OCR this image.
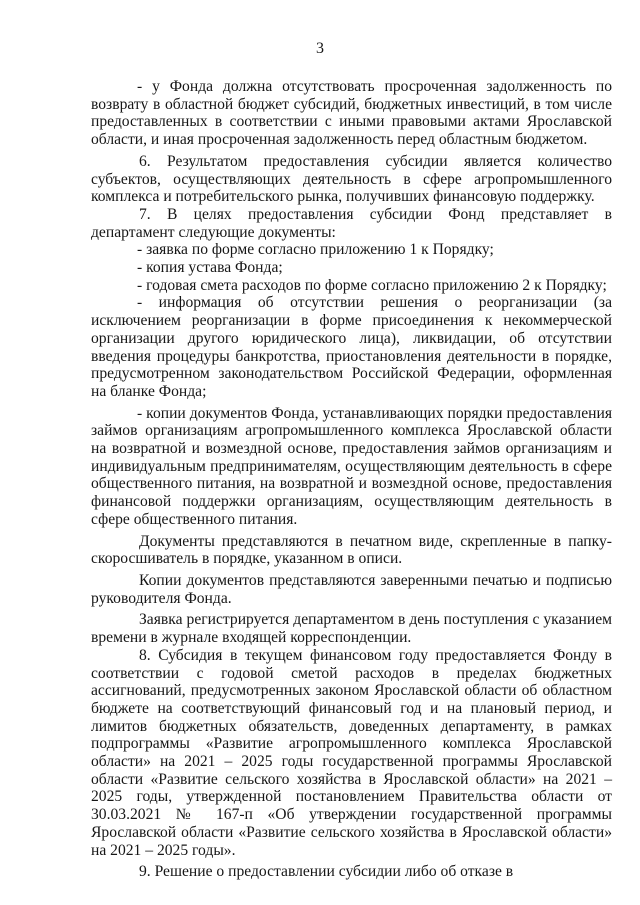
3

- у Фонда должна отсутствовать просроченная задолженность по возврату в областной бюджет субсидий, бюджетных инвестиций, в том числе предоставленных в соответствии с иными правовыми актами Ярославской области, и иная просроченная задолженность перед областным бюджетом.

6. Результатом предоставления субсидии является количество субъектов, осуществляющих деятельность в сфере агропромышленного комплекса и потребительского рынка, получивших финансовую поддержку.

7. В целях предоставления субсидии Фонд представляет в департамент следующие документы:

- заявка по форме согласно приложению 1 к Порядку;

- копия устава Фонда;

- годовая смета расходов по форме согласно приложению 2 к Порядку;

- информация об отсутствии решения о реорганизации (за исключением реорганизации в форме присоединения к некоммерческой организации другого юридического лица), ликвидации, об отсутствии введения процедуры банкротства, приостановления деятельности в порядке, предусмотренном законодательством Российской Федерации, оформленная на бланке Фонда;

- копии документов Фонда, устанавливающих порядки предоставления займов организациям агропромышленного комплекса Ярославской области на возвратной и возмездной основе, предоставления займов организациям и индивидуальным предпринимателям, осуществляющим деятельность в сфере общественного питания, на возвратной и возмездной основе, предоставления финансовой поддержки организациям, осуществляющим деятельность в сфере общественного питания.

Документы представляются в печатном виде, скрепленные в папку-скоросшиватель в порядке, указанном в описи.

Копии документов представляются заверенными печатью и подписью руководителя Фонда.

Заявка регистрируется департаментом в день поступления с указанием времени в журнале входящей корреспонденции.

8. Субсидия в текущем финансовом году предоставляется Фонду в соответствии с годовой сметой расходов в пределах бюджетных ассигнований, предусмотренных законом Ярославской области об областном бюджете на соответствующий финансовый год и на плановый период, и лимитов бюджетных обязательств, доведенных департаменту, в рамках подпрограммы «Развитие агропромышленного комплекса Ярославской области» на 2021 – 2025 годы государственной программы Ярославской области «Развитие сельского хозяйства в Ярославской области» на 2021 – 2025 годы, утвержденной постановлением Правительства области от 30.03.2021 № 167-п «Об утверждении государственной программы Ярославской области «Развитие сельского хозяйства в Ярославской области» на 2021 – 2025 годы».

9. Решение о предоставлении субсидии либо об отказе в
